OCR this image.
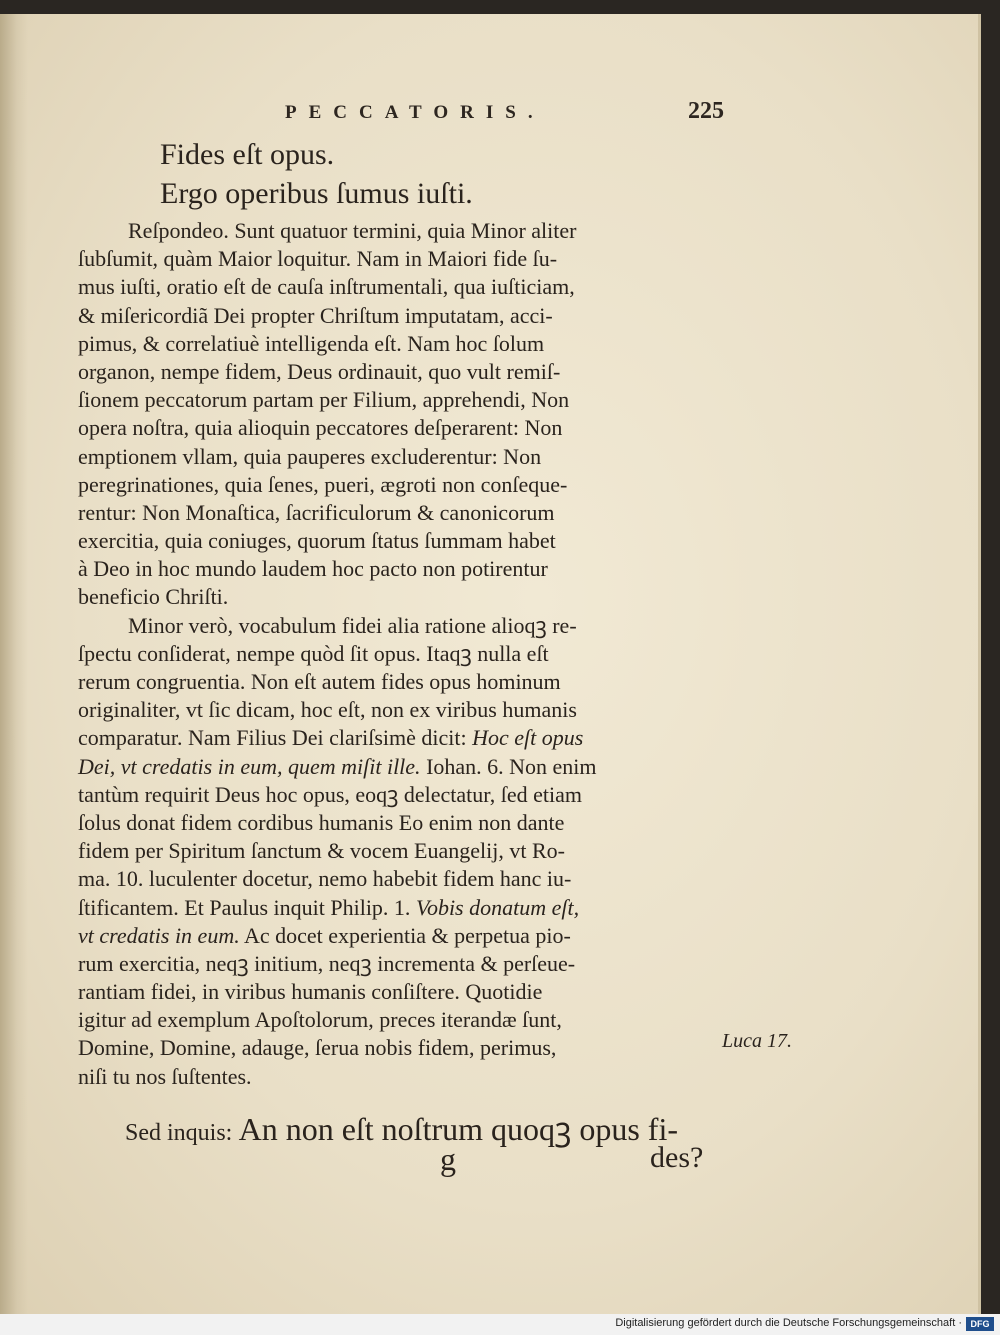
PECCATORIS.	225
Fides eſt opus.
Ergo operibus ſumus iuſti.
Reſpondeo. Sunt quatuor termini, quia Minor aliter
ſubſumit, quàm Maior loquitur. Nam in Maiori fide ſu-
mus iuſti, oratio eſt de cauſa inſtrumentali, qua iuſticiam,
& miſericordiã Dei propter Chriſtum imputatam, acci-
pimus, & correlatiuè intelligenda eſt. Nam hoc ſolum
organon, nempe fidem, Deus ordinauit, quo vult remiſ-
ſionem peccatorum partam per Filium, apprehendi, Non
opera noſtra, quia alioquin peccatores deſperarent: Non
emptionem vllam, quia pauperes excluderentur: Non
peregrinationes, quia ſenes, pueri, ægroti non conſeque-
rentur: Non Monaſtica, ſacrificulorum & canonicorum
exercitia, quia coniuges, quorum ſtatus ſummam habet
à Deo in hoc mundo laudem hoc pacto non potirentur
beneficio Chriſti.
Minor verò, vocabulum fidei alia ratione alioqꝫ re-
ſpectu conſiderat, nempe quòd ſit opus. Itaqꝫ nulla eſt
rerum congruentia. Non eſt autem fides opus hominum
originaliter, vt ſic dicam, hoc eſt, non ex viribus humanis
comparatur. Nam Filius Dei clariſsimè dicit: Hoc eſt opus
Dei, vt credatis in eum, quem miſit ille. Iohan. 6. Non enim
tantùm requirit Deus hoc opus, eoqꝫ delectatur, ſed etiam
ſolus donat fidem cordibus humanis Eo enim non dante
fidem per Spiritum ſanctum & vocem Euangelij, vt Ro-
ma. 10. luculenter docetur, nemo habebit fidem hanc iu-
ſtificantem. Et Paulus inquit Philip. 1. Vobis donatum eſt,
vt credatis in eum. Ac docet experientia & perpetua pio-
rum exercitia, neqꝫ initium, neqꝫ incrementa & perſeue-
rantiam fidei, in viribus humanis conſiſtere. Quotidie
igitur ad exemplum Apoſtolorum, preces iterandæ ſunt,
Domine, Domine, adauge, ſerua nobis fidem, perimus,
niſi tu nos ſuſtentes.
Luca 17.
Sed inquis: An non eſt noſtrum quoqꝫ opus fi-
g	des?
Digitalisierung gefördert durch die Deutsche Forschungsgemeinschaft · DFG
